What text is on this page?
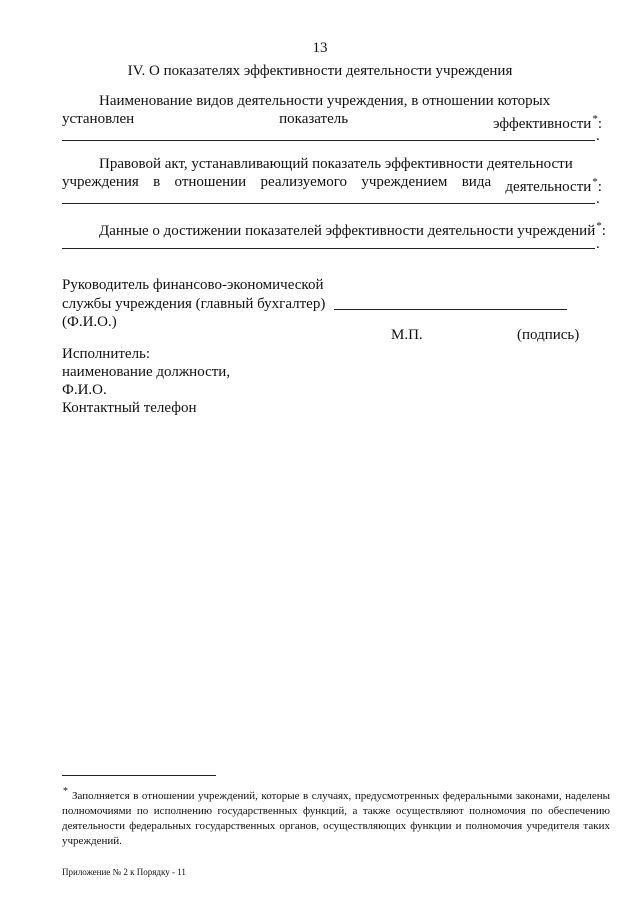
13
IV. О показателях эффективности деятельности учреждения
Наименование видов деятельности учреждения, в отношении которых
установлен	показатель	эффективности*:
.
Правовой акт, устанавливающий показатель эффективности деятельности
учреждения в отношении реализуемого учреждением вида деятельности*:
.
Данные о достижении показателей эффективности деятельности учреждений*:
.
Руководитель финансово-экономической
службы учреждения (главный бухгалтер)
(Ф.И.О.)
М.П.	(подпись)
Исполнитель:
наименование должности,
Ф.И.О.
Контактный телефон
* Заполняется в отношении учреждений, которые в случаях, предусмотренных федеральными законами, наделены полномочиями по исполнению государственных функций, а также осуществляют полномочия по обеспечению деятельности федеральных государственных органов, осуществляющих функции и полномочия учредителя таких учреждений.
Приложение № 2 к Порядку - 11
